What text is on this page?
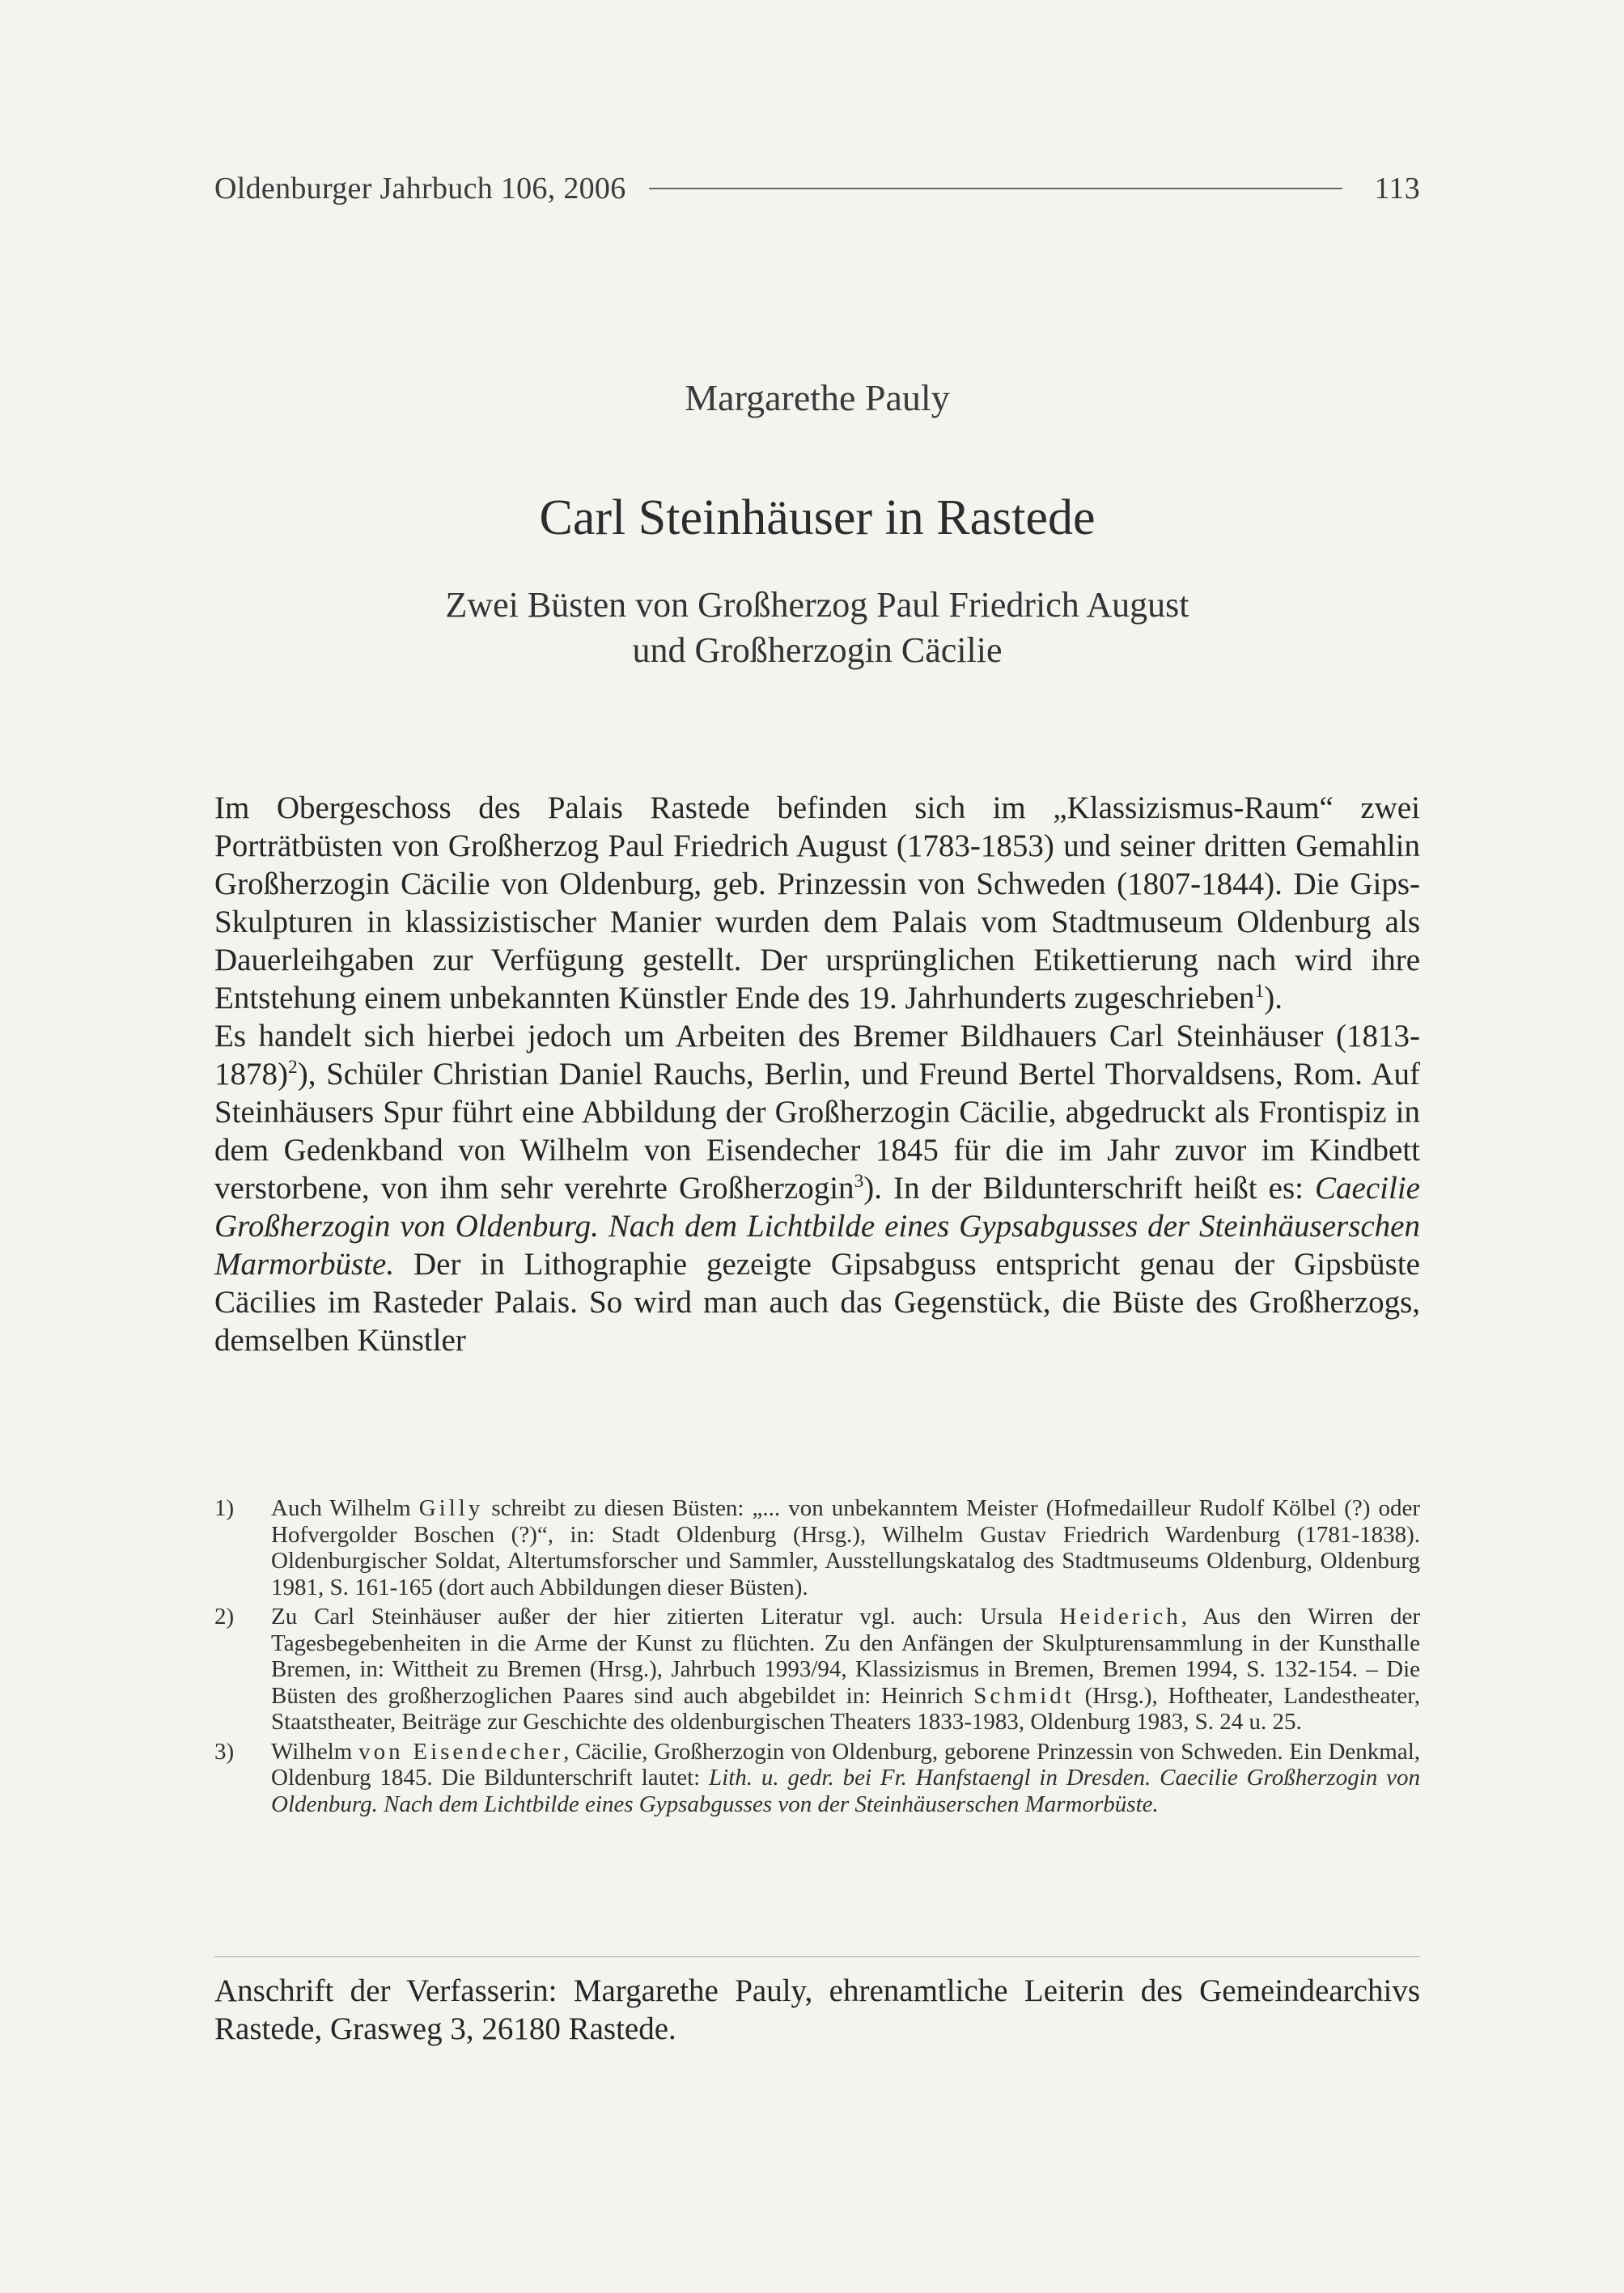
Oldenburger Jahrbuch 106, 2006	113
Margarethe Pauly
Carl Steinhäuser in Rastede
Zwei Büsten von Großherzog Paul Friedrich August
und Großherzogin Cäcilie

Im Obergeschoss des Palais Rastede befinden sich im „Klassizismus-Raum“ zwei Porträtbüsten von Großherzog Paul Friedrich August (1783-1853) und seiner dritten Gemahlin Großherzogin Cäcilie von Oldenburg, geb. Prinzessin von Schweden (1807-1844). Die Gips-Skulpturen in klassizistischer Manier wurden dem Palais vom Stadtmuseum Oldenburg als Dauerleihgaben zur Verfügung gestellt. Der ursprünglichen Etikettierung nach wird ihre Entstehung einem unbekannten Künstler Ende des 19. Jahrhunderts zugeschrieben$^1$).

Es handelt sich hierbei jedoch um Arbeiten des Bremer Bildhauers Carl Steinhäuser (1813-1878)$^2$), Schüler Christian Daniel Rauchs, Berlin, und Freund Bertel Thorvaldsens, Rom. Auf Steinhäusers Spur führt eine Abbildung der Großherzogin Cäcilie, abgedruckt als Frontispiz in dem Gedenkband von Wilhelm von Eisendecher 1845 für die im Jahr zuvor im Kindbett verstorbene, von ihm sehr verehrte Großherzogin$^3$). In der Bildunterschrift heißt es: Caecilie Großherzogin von Oldenburg. Nach dem Lichtbilde eines Gypsabgusses der Steinhäuserschen Marmorbüste. Der in Lithographie gezeigte Gipsabguss entspricht genau der Gipsbüste Cäcilies im Rasteder Palais. So wird man auch das Gegenstück, die Büste des Großherzogs, demselben Künstler

1)	Auch Wilhelm Gilly schreibt zu diesen Büsten: „... von unbekanntem Meister (Hofmedailleur Rudolf Kölbel (?) oder Hofvergolder Boschen (?)“, in: Stadt Oldenburg (Hrsg.), Wilhelm Gustav Friedrich Wardenburg (1781-1838). Oldenburgischer Soldat, Altertumsforscher und Sammler, Ausstellungskatalog des Stadtmuseums Oldenburg, Oldenburg 1981, S. 161-165 (dort auch Abbildungen dieser Büsten).
2)	Zu Carl Steinhäuser außer der hier zitierten Literatur vgl. auch: Ursula Heiderich, Aus den Wirren der Tagesbegebenheiten in die Arme der Kunst zu flüchten. Zu den Anfängen der Skulpturensammlung in der Kunsthalle Bremen, in: Wittheit zu Bremen (Hrsg.), Jahrbuch 1993/94, Klassizismus in Bremen, Bremen 1994, S. 132-154. – Die Büsten des großherzoglichen Paares sind auch abgebildet in: Heinrich Schmidt (Hrsg.), Hoftheater, Landestheater, Staatstheater, Beiträge zur Geschichte des oldenburgischen Theaters 1833-1983, Oldenburg 1983, S. 24 u. 25.
3)	Wilhelm von Eisendecher, Cäcilie, Großherzogin von Oldenburg, geborene Prinzessin von Schweden. Ein Denkmal, Oldenburg 1845. Die Bildunterschrift lautet: Lith. u. gedr. bei Fr. Hanfstaengl in Dresden. Caecilie Großherzogin von Oldenburg. Nach dem Lichtbilde eines Gypsabgusses von der Steinhäuserschen Marmorbüste.
Anschrift der Verfasserin: Margarethe Pauly, ehrenamtliche Leiterin des Gemeindearchivs Rastede, Grasweg 3, 26180 Rastede.
